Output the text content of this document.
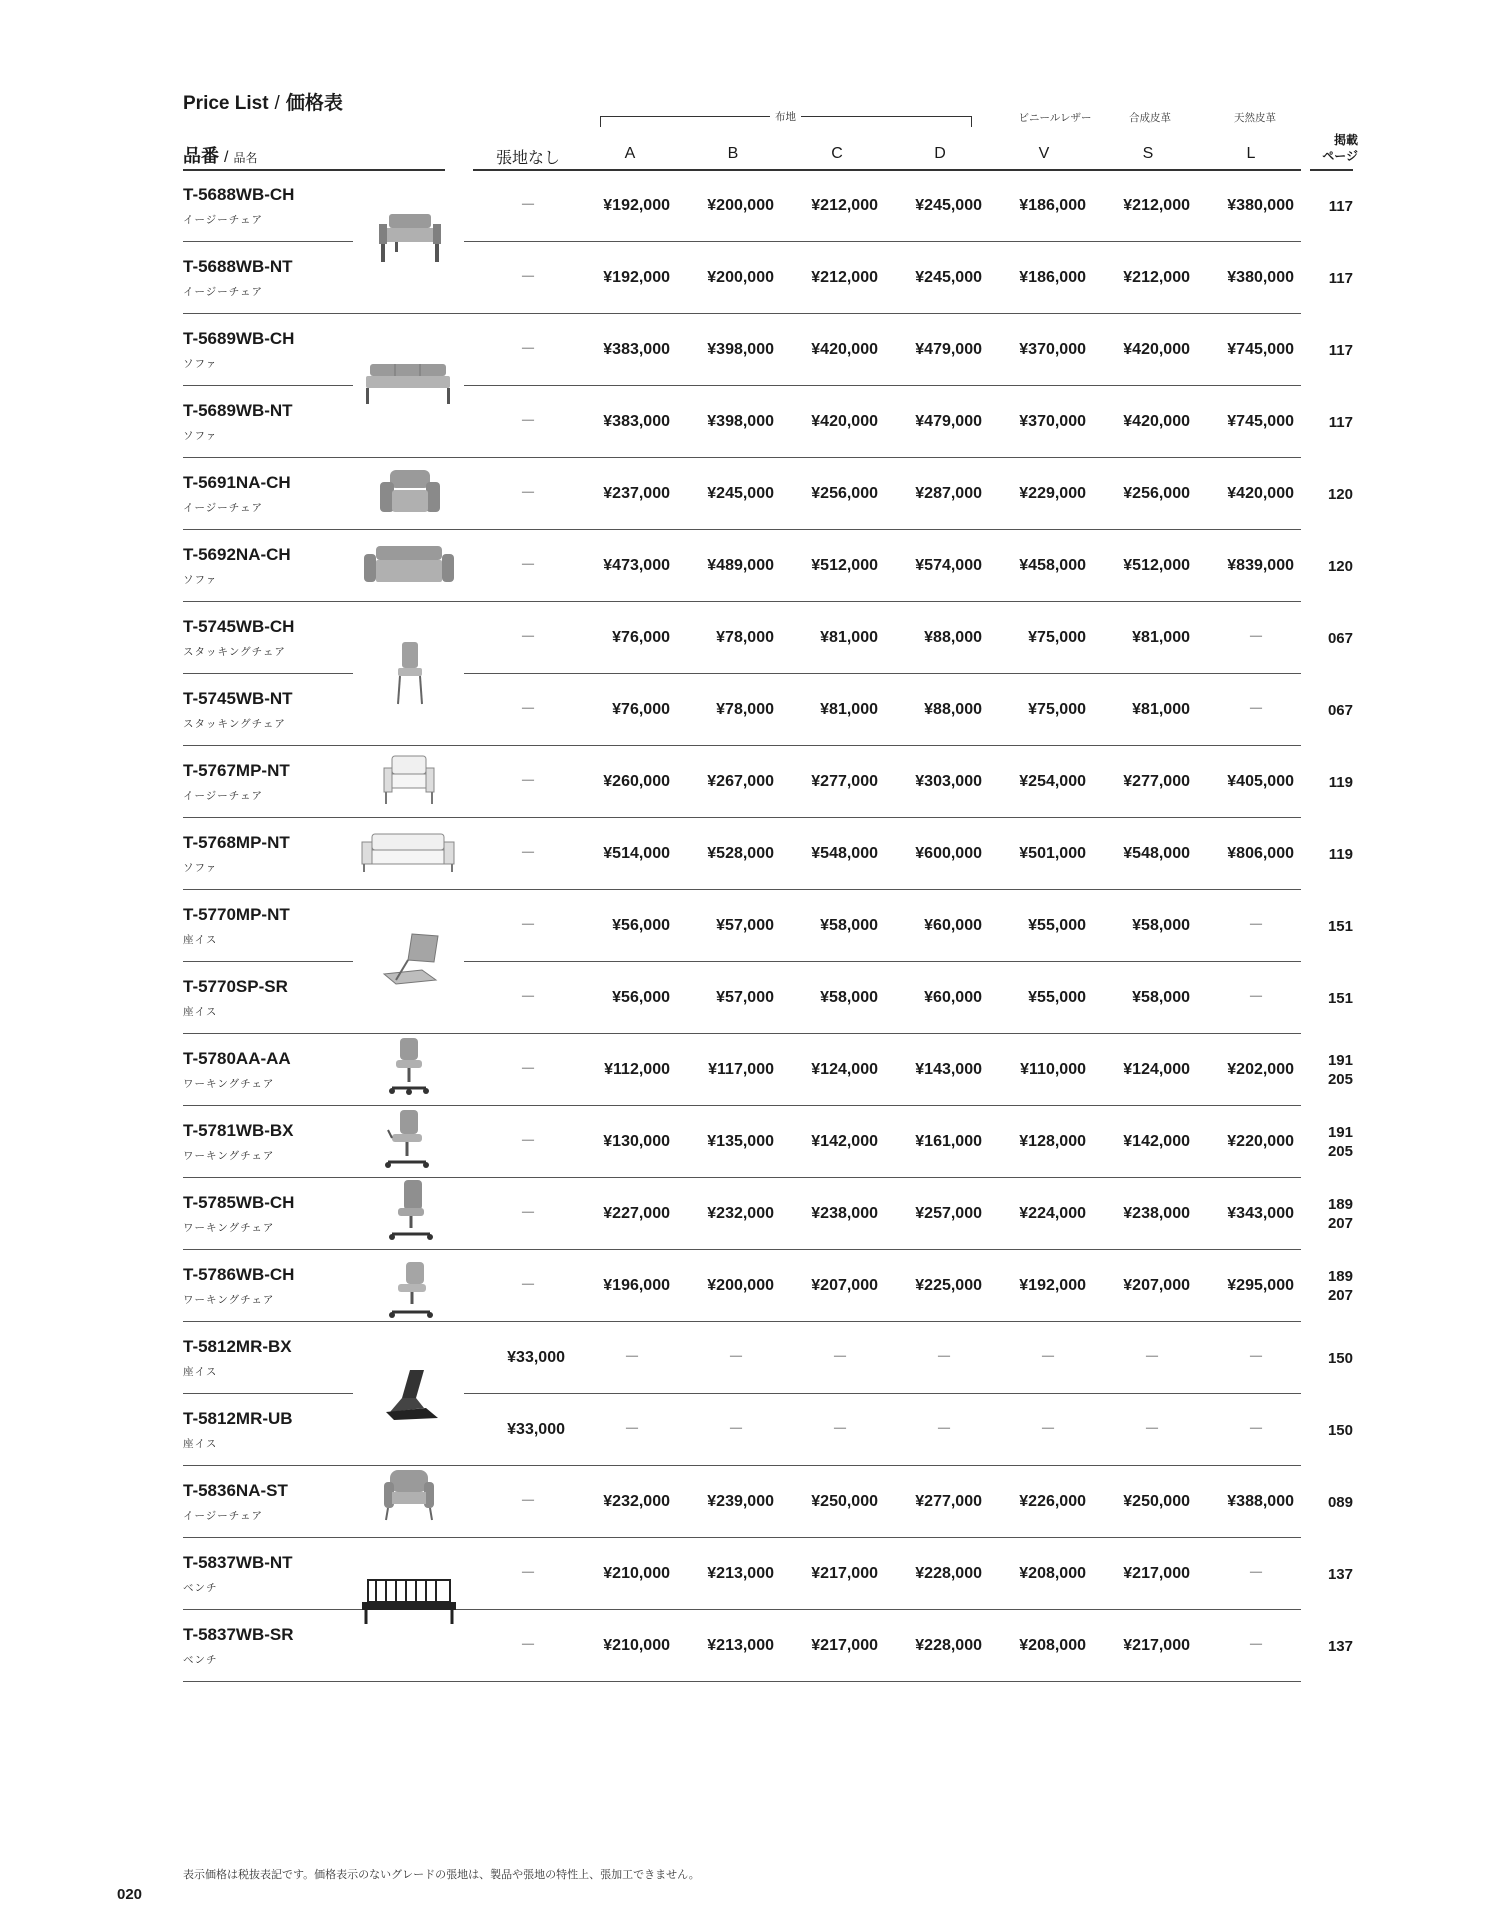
Price List / 価格表
布地	ビニールレザー	合成皮革	天然皮革
品番 / 品名	張地なし	A	B	C	D	V	S	L
掲載
ページ
T-5688WB-CH
イージーチェア
－	¥192,000	¥200,000	¥212,000	¥245,000	¥186,000	¥212,000	¥380,000 117
T-5688WB-NT
イージーチェア
－	¥192,000	¥200,000	¥212,000	¥245,000	¥186,000	¥212,000	¥380,000 117
T-5689WB-CH
ソファ
－	¥383,000	¥398,000	¥420,000	¥479,000	¥370,000	¥420,000	¥745,000 117
T-5689WB-NT
ソファ
－	¥383,000	¥398,000	¥420,000	¥479,000	¥370,000	¥420,000	¥745,000 117
T-5691NA-CH
イージーチェア
－	¥237,000	¥245,000	¥256,000	¥287,000	¥229,000	¥256,000	¥420,000 120
T-5692NA-CH
ソファ
－	¥473,000	¥489,000	¥512,000	¥574,000	¥458,000	¥512,000	¥839,000 120
T-5745WB-CH
スタッキングチェア
－	¥76,000	¥78,000	¥81,000	¥88,000	¥75,000	¥81,000	－	067
T-5745WB-NT
スタッキングチェア
－	¥76,000	¥78,000	¥81,000	¥88,000	¥75,000	¥81,000	－	067
T-5767MP-NT
イージーチェア
－	¥260,000	¥267,000	¥277,000	¥303,000	¥254,000	¥277,000	¥405,000 119
T-5768MP-NT
ソファ
－	¥514,000	¥528,000	¥548,000	¥600,000	¥501,000	¥548,000	¥806,000 119
T-5770MP-NT
座イス
－	¥56,000	¥57,000	¥58,000	¥60,000	¥55,000	¥58,000	－	151
T-5770SP-SR
座イス
－	¥56,000	¥57,000	¥58,000	¥60,000	¥55,000	¥58,000	－	151
T-5780AA-AA
ワーキングチェア
－	¥112,000	¥117,000	¥124,000	¥143,000	¥110,000	¥124,000	¥202,000
191
205
T-5781WB-BX
ワーキングチェア
－	¥130,000	¥135,000	¥142,000	¥161,000	¥128,000	¥142,000	¥220,000
191
205
T-5785WB-CH
ワーキングチェア
－	¥227,000	¥232,000	¥238,000	¥257,000	¥224,000	¥238,000	¥343,000
189
207
T-5786WB-CH
ワーキングチェア
－	¥196,000	¥200,000	¥207,000	¥225,000	¥192,000	¥207,000	¥295,000
189
207
T-5812MR-BX
座イス
¥33,000	－	－	－	－	－	－	－	150
T-5812MR-UB
座イス
¥33,000	－	－	－	－	－	－	－	150
T-5836NA-ST
イージーチェア
－	¥232,000	¥239,000	¥250,000	¥277,000	¥226,000	¥250,000	¥388,000 089
T-5837WB-NT
ベンチ
－	¥210,000	¥213,000	¥217,000	¥228,000	¥208,000	¥217,000	－	137
T-5837WB-SR
ベンチ
－	¥210,000	¥213,000	¥217,000	¥228,000	¥208,000	¥217,000	－	137
表示価格は税抜表記です。価格表示のないグレードの張地は、製品や張地の特性上、張加工できません。
020
